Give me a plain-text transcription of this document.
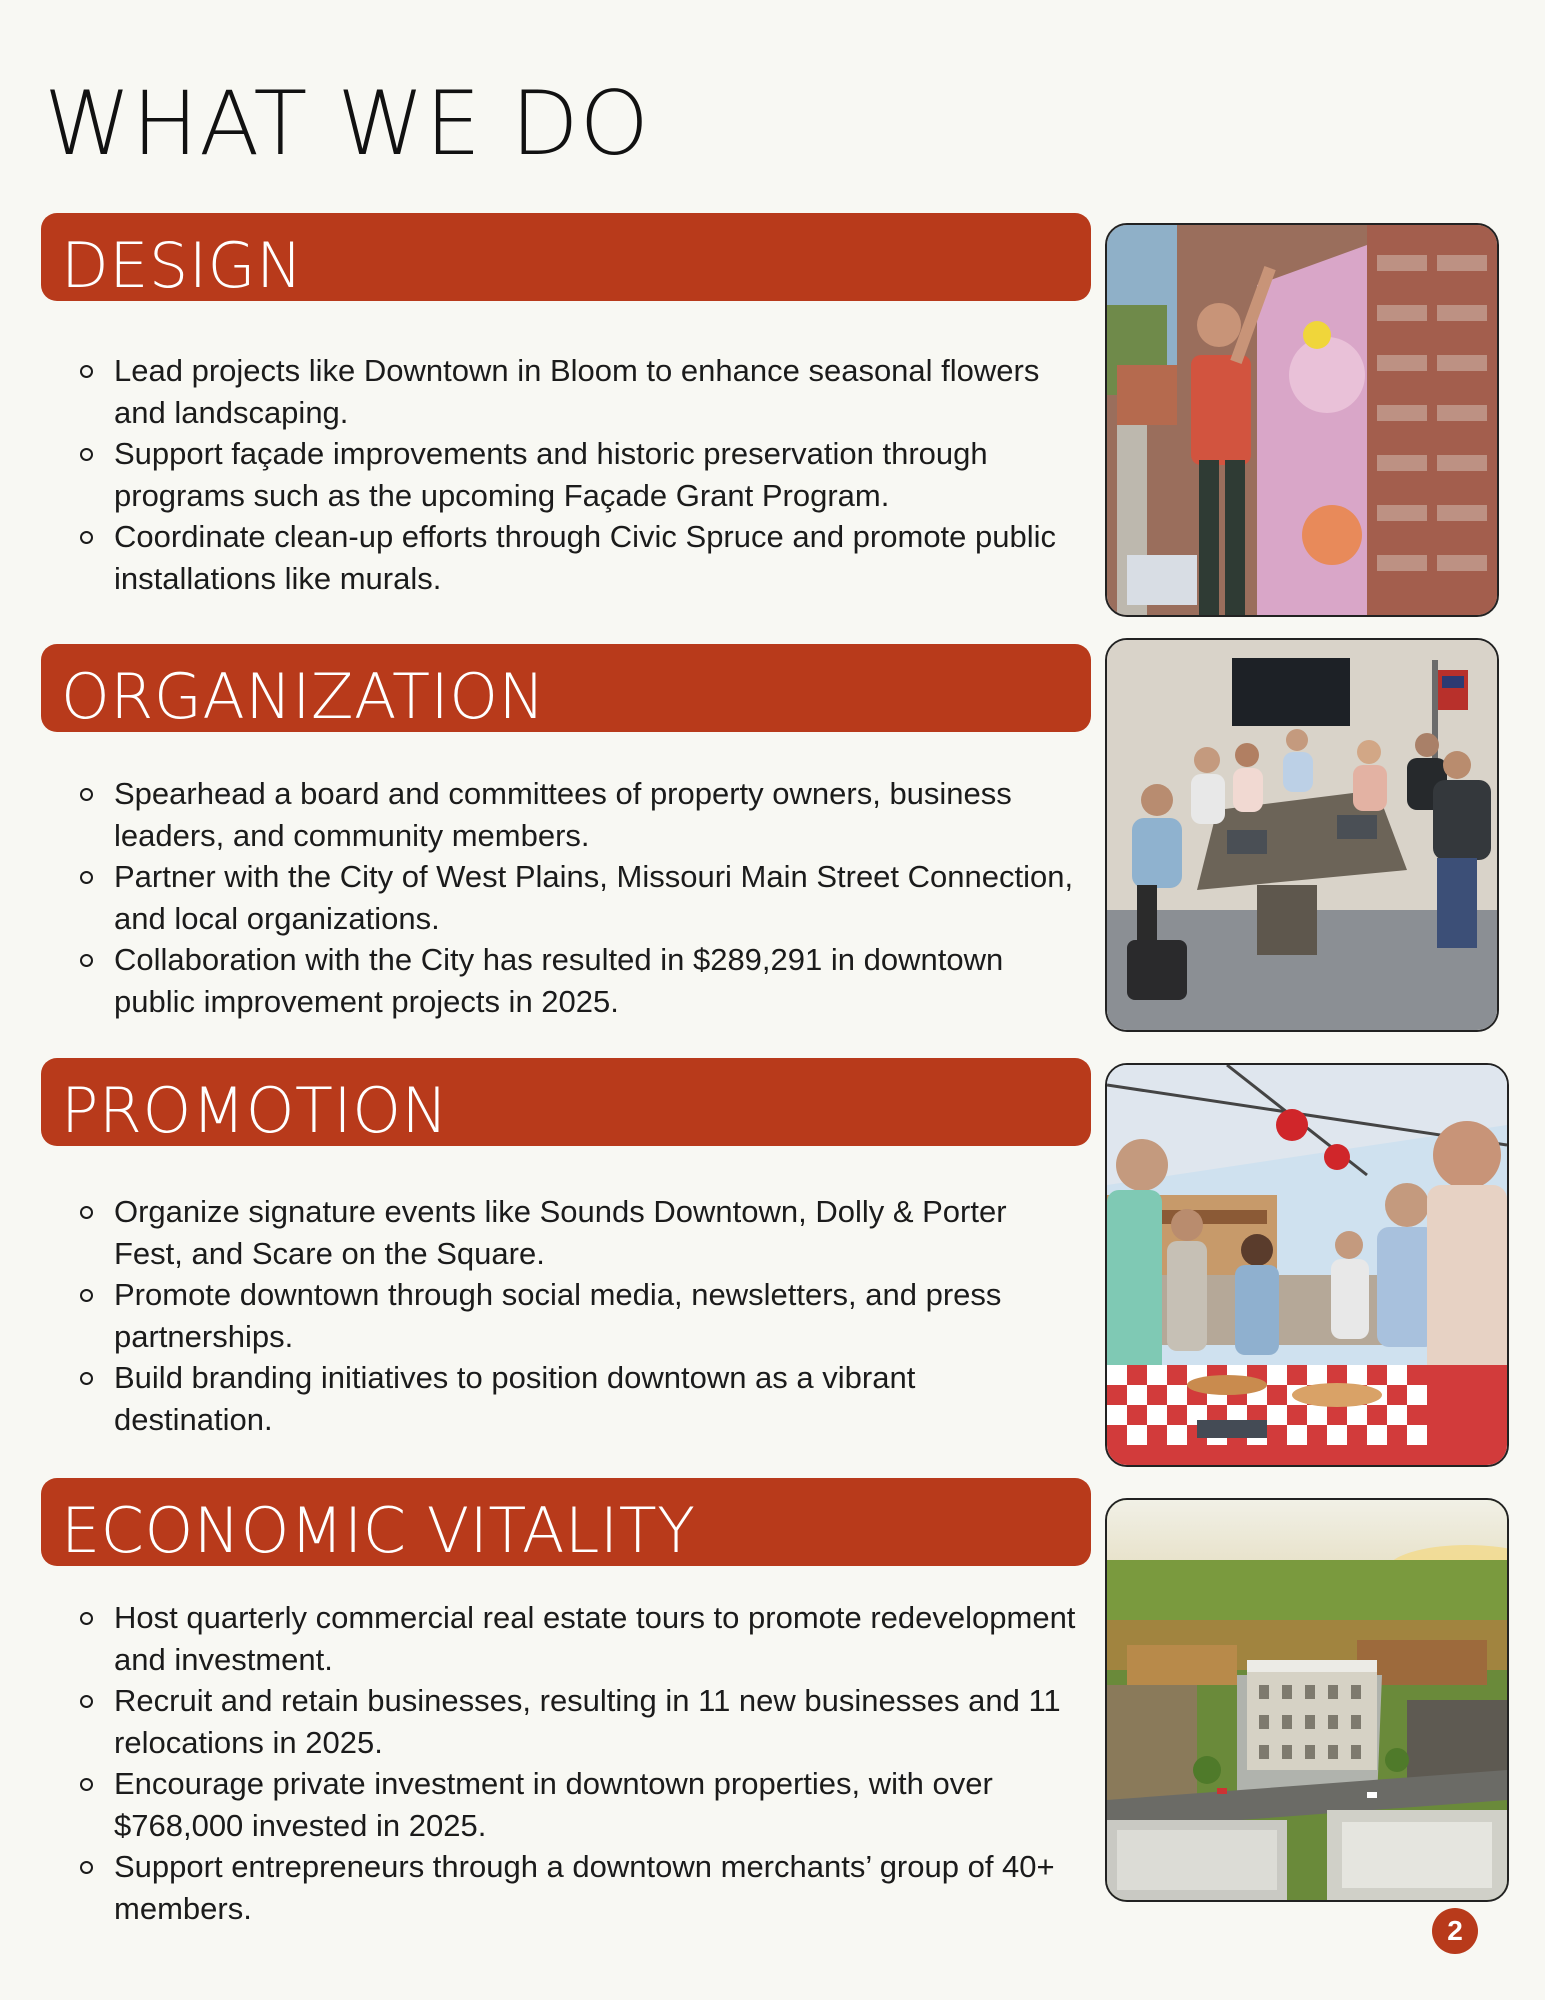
WHAT WE DO
DESIGN
Lead projects like Downtown in Bloom to enhance seasonal flowers and landscaping.
Support façade improvements and historic preservation through programs such as the upcoming Façade Grant Program.
Coordinate clean-up efforts through Civic Spruce and promote public installations like murals.
ORGANIZATION
Spearhead a board and committees of property owners, business leaders, and community members.
Partner with the City of West Plains, Missouri Main Street Connection, and local organizations.
Collaboration with the City has resulted in $289,291 in downtown public improvement projects in 2025.
PROMOTION
Organize signature events like Sounds Downtown, Dolly & Porter Fest, and Scare on the Square.
Promote downtown through social media, newsletters, and press partnerships.
Build branding initiatives to position downtown as a vibrant destination.
ECONOMIC VITALITY
Host quarterly commercial real estate tours to promote redevelopment and investment.
Recruit and retain businesses, resulting in 11 new businesses and 11 relocations in 2025.
Encourage private investment in downtown properties, with over $768,000 invested in 2025.
Support entrepreneurs through a downtown merchants’ group of 40+ members.
2
